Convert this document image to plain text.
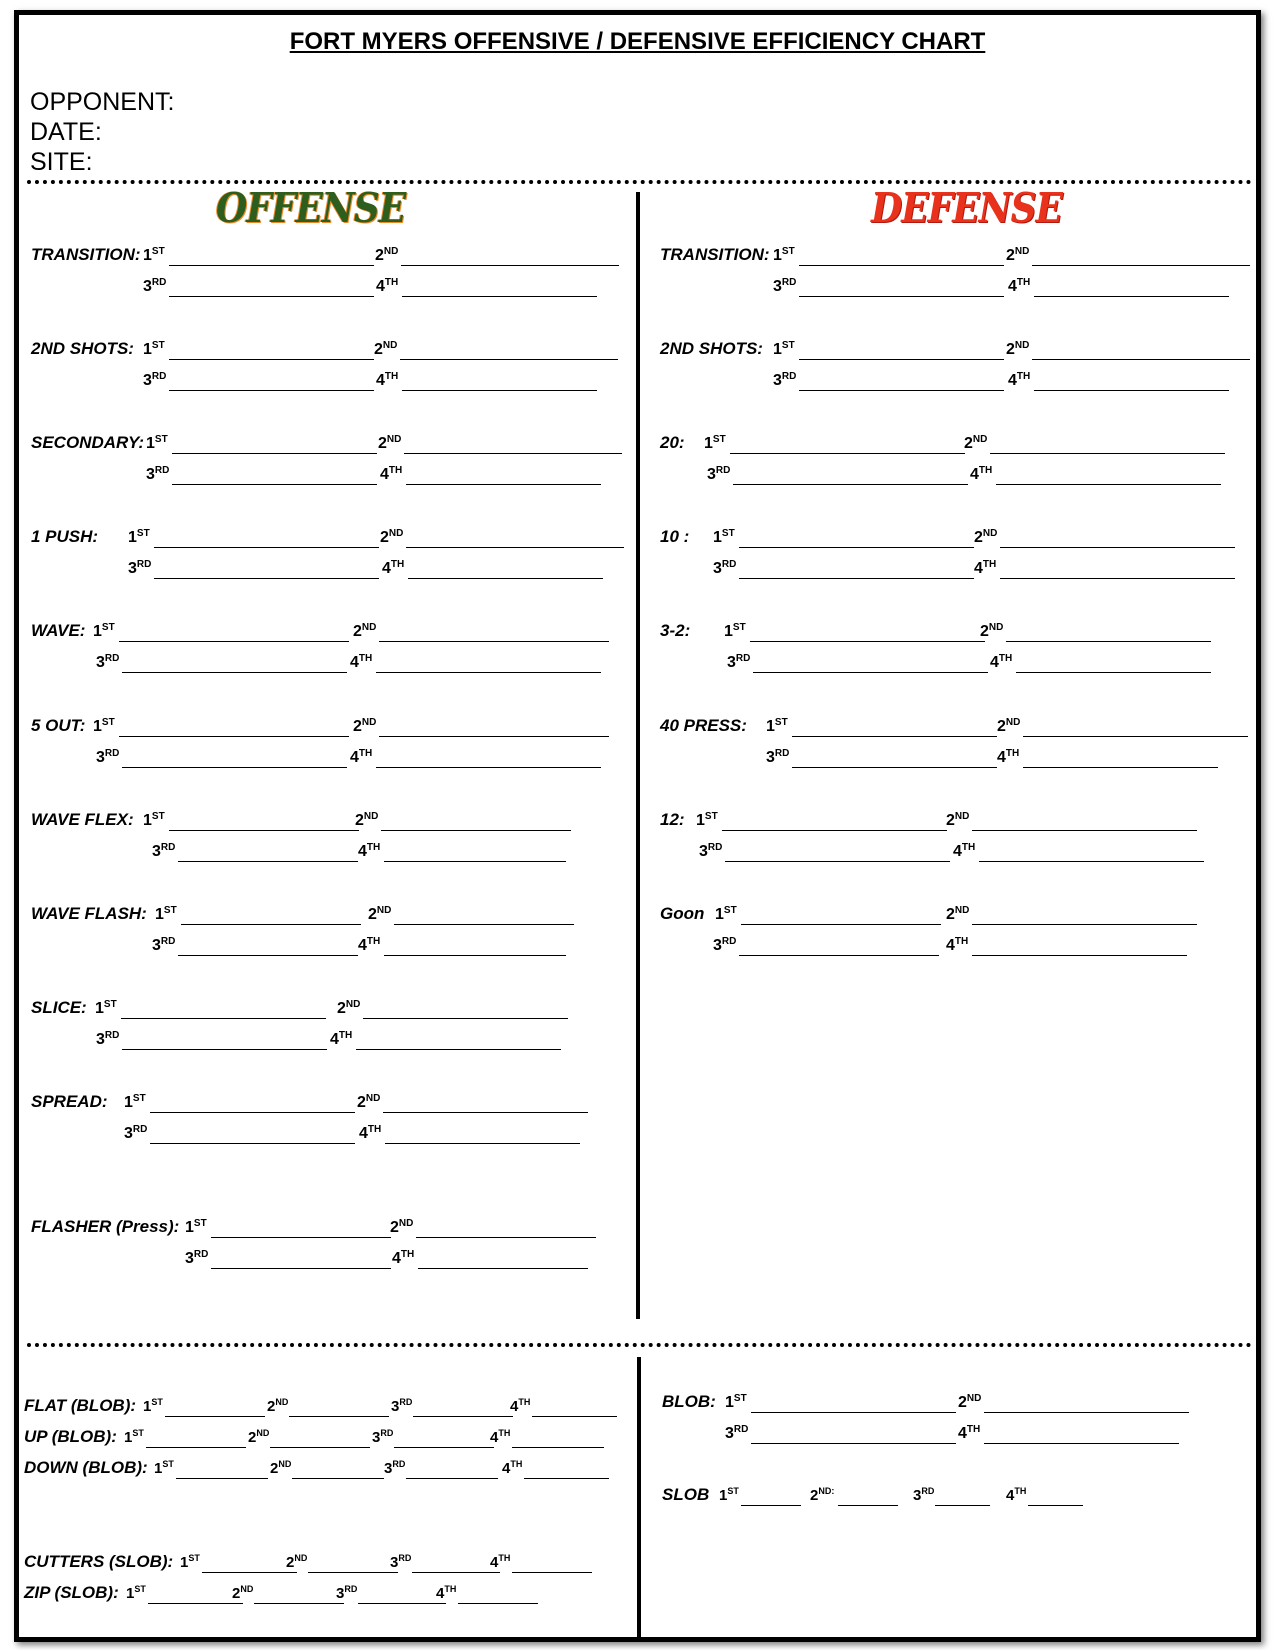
FORT MYERS OFFENSIVE / DEFENSIVE EFFICIENCY CHART
OPPONENT:
DATE:
SITE:
OFFENSE	DEFENSE
TRANSITION: 1ST	2ND
3RD	4TH
2ND SHOTS: 1ST	2ND
3RD	4TH
SECONDARY: 1ST	2ND
3RD	4TH
1 PUSH: 1ST	2ND
3RD	4TH
WAVE: 1ST	2ND
3RD	4TH
5 OUT: 1ST	2ND
3RD	4TH
WAVE FLEX: 1ST	2ND
3RD	4TH
WAVE FLASH: 1ST	2ND
3RD	4TH
SLICE: 1ST	2ND
3RD	4TH
SPREAD: 1ST	2ND
3RD	4TH
FLASHER (Press): 1ST	2ND
3RD	4TH
TRANSITION: 1ST	2ND
3RD	4TH
2ND SHOTS: 1ST	2ND
3RD	4TH
20: 1ST	2ND
3RD	4TH
10 : 1ST	2ND
3RD	4TH
3-2: 1ST	2ND
3RD	4TH
40 PRESS: 1ST	2ND
3RD	4TH
12: 1ST	2ND
3RD	4TH
Goon 1ST	2ND
3RD	4TH
FLAT (BLOB): 1ST	2ND	3RD	4TH
UP (BLOB): 1ST	2ND	3RD	4TH
DOWN (BLOB): 1ST	2ND	3RD	4TH
CUTTERS (SLOB): 1ST	2ND	3RD	4TH
ZIP (SLOB): 1ST	2ND	3RD	4TH
BLOB: 1ST	2ND
3RD	4TH
SLOB 1ST	$2^{ND:}$	3RD	4TH
